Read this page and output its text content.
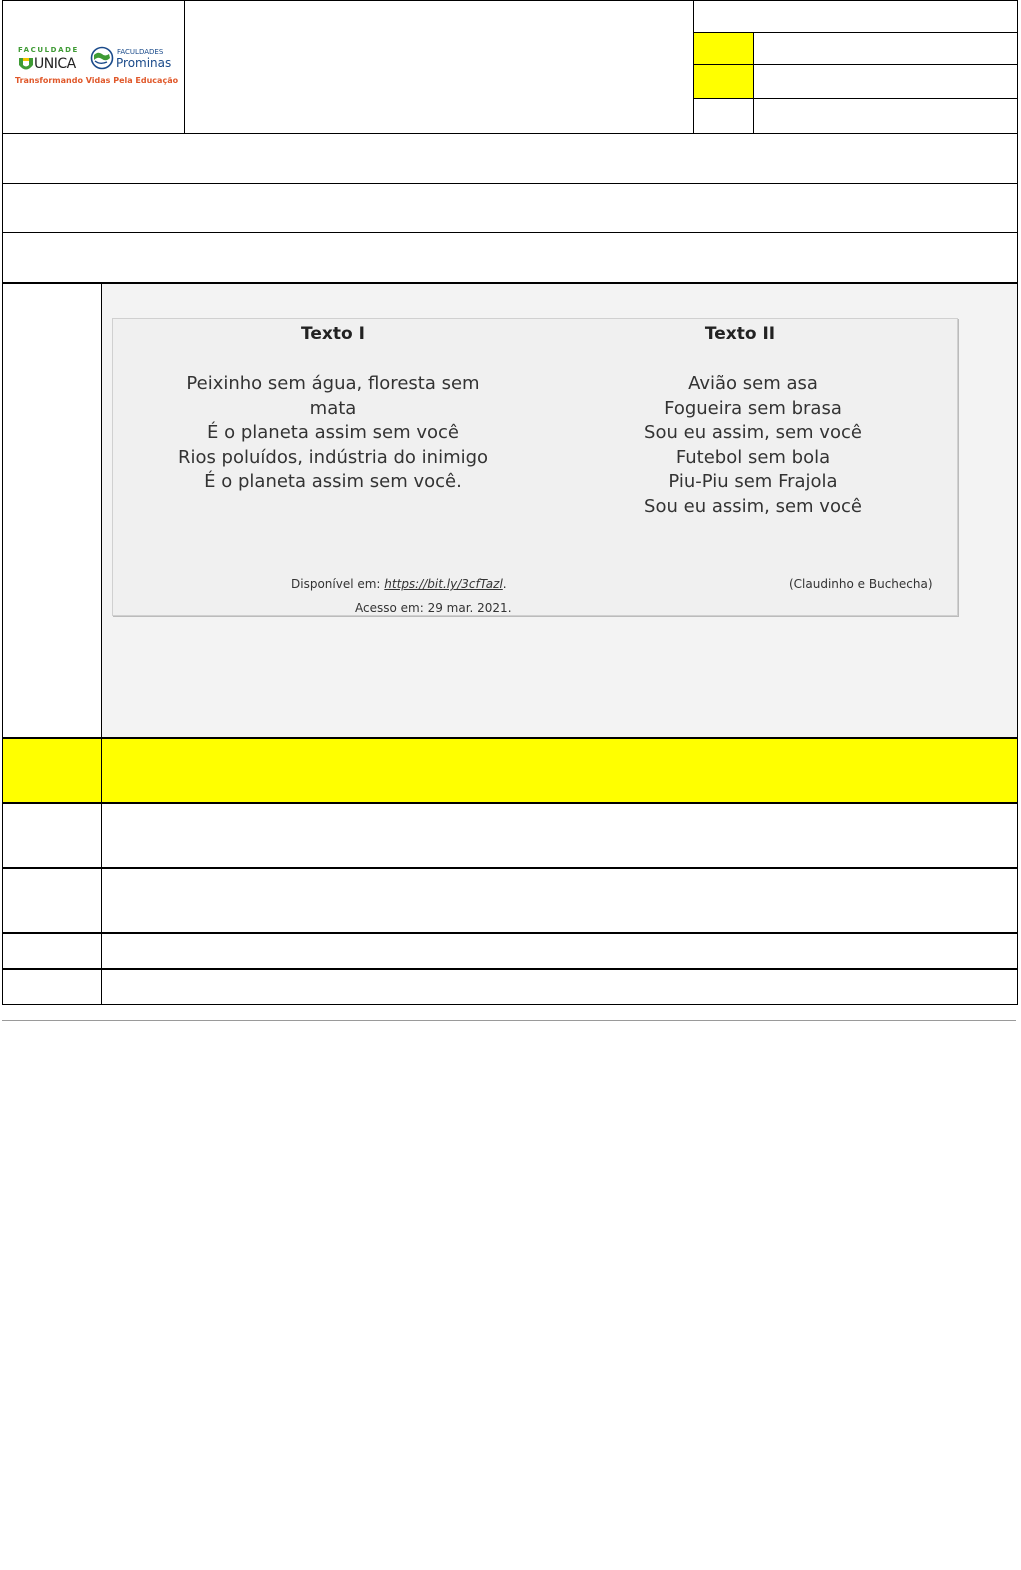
FACULDADE
UNICA
FACULDADES
Prominas
Transformando Vidas Pela Educação
Texto I
Peixinho sem água, floresta sem
mata
É o planeta assim sem você
Rios poluídos, indústria do inimigo
É o planeta assim sem você.
Texto II
Avião sem asa
Fogueira sem brasa
Sou eu assim, sem você
Futebol sem bola
Piu-Piu sem Frajola
Sou eu assim, sem você
Disponível em: https://bit.ly/3cfTazl.
Acesso em: 29 mar. 2021.
(Claudinho e Buchecha)
